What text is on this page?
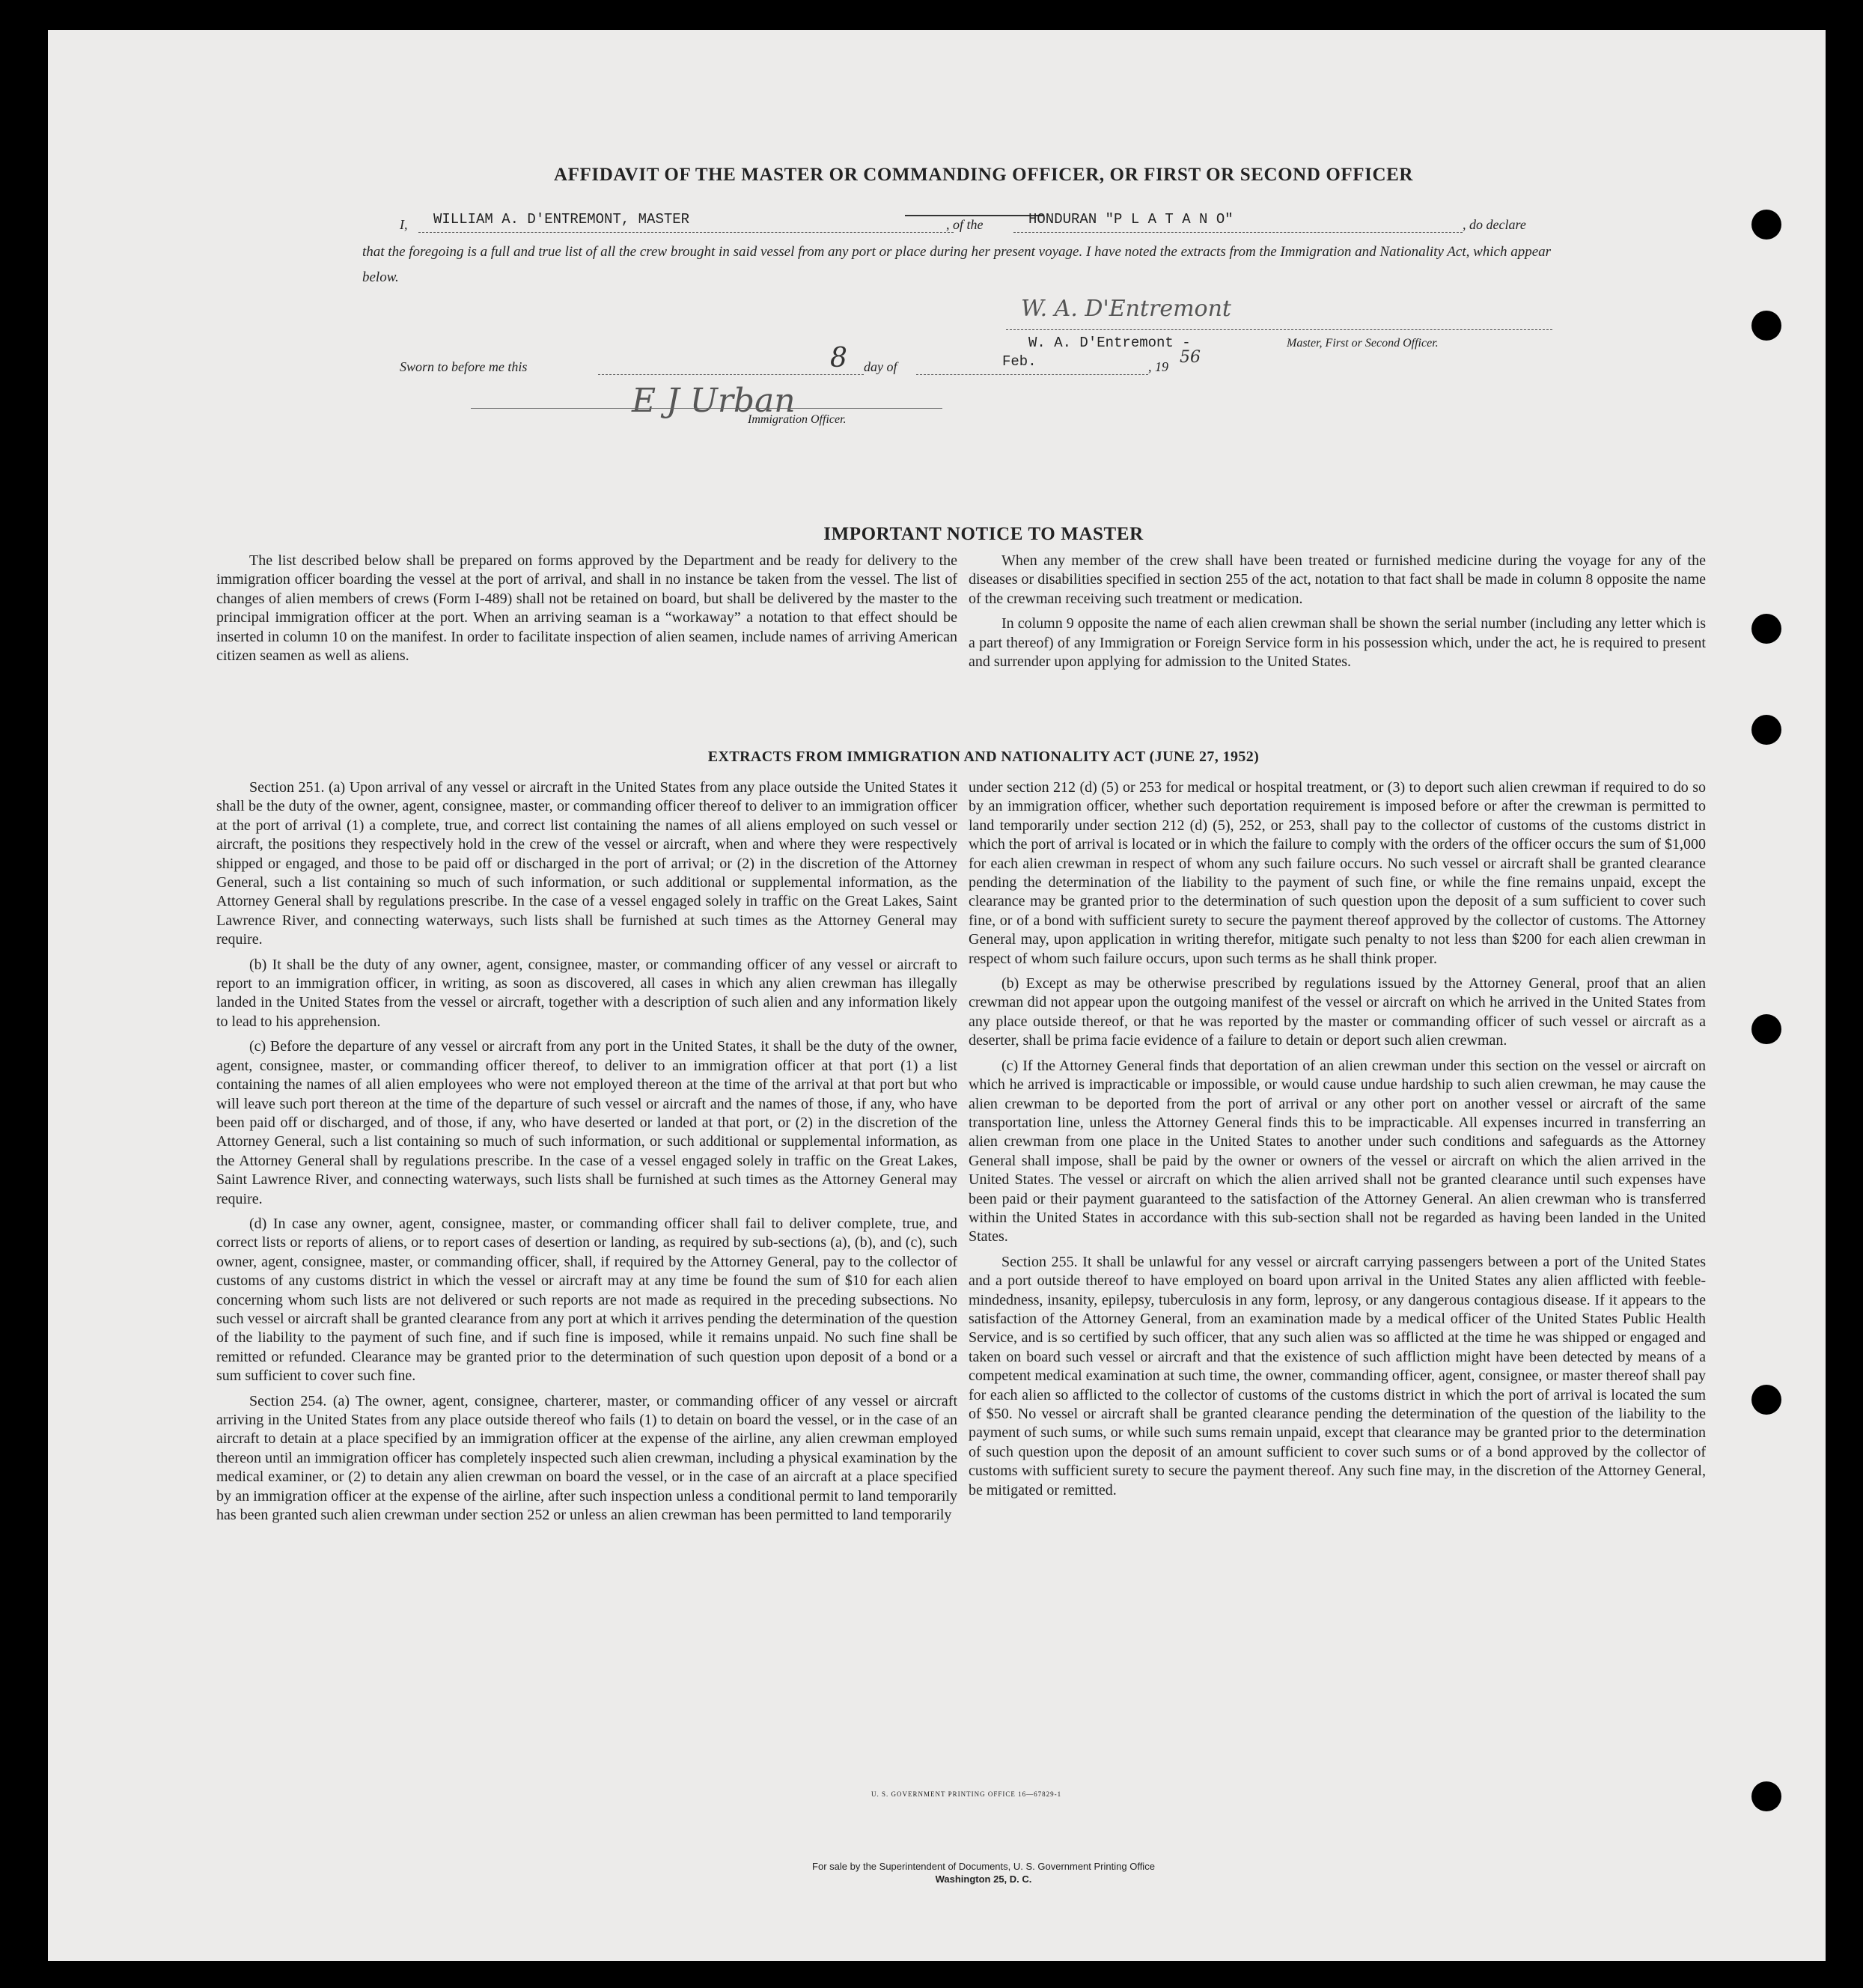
AFFIDAVIT OF THE MASTER OR COMMANDING OFFICER, OR FIRST OR SECOND OFFICER
I, WILLIAM A. D'ENTREMONT, MASTER	, of the	HONDURAN "P L A T A N O"	, do declare
that the foregoing is a full and true list of all the crew brought in said vessel from any port or place during her present voyage. I have noted the extracts from the Immigration and Nationality Act, which appear below.
W. A. D'Entremont
W. A. D'Entremont -	Master, First or Second Officer.
Sworn to before me this	8 day of	Feb.	, 19 56
E J Urban
Immigration Officer.
IMPORTANT NOTICE TO MASTER

The list described below shall be prepared on forms approved by the Department and be ready for delivery to the immigration officer boarding the vessel at the port of arrival, and shall in no instance be taken from the vessel. The list of changes of alien members of crews (Form I-489) shall not be retained on board, but shall be delivered by the master to the principal immigration officer at the port. When an arriving seaman is a “workaway” a notation to that effect should be inserted in column 10 on the manifest. In order to facilitate inspection of alien seamen, include names of arriving American citizen seamen as well as aliens.

When any member of the crew shall have been treated or furnished medicine during the voyage for any of the diseases or disabilities specified in section 255 of the act, notation to that fact shall be made in column 8 opposite the name of the crewman receiving such treatment or medication.

In column 9 opposite the name of each alien crewman shall be shown the serial number (including any letter which is a part thereof) of any Immigration or Foreign Service form in his possession which, under the act, he is required to present and surrender upon applying for admission to the United States.

EXTRACTS FROM IMMIGRATION AND NATIONALITY ACT (JUNE 27, 1952)

Section 251. (a) Upon arrival of any vessel or aircraft in the United States from any place outside the United States it shall be the duty of the owner, agent, consignee, master, or commanding officer thereof to deliver to an immigration officer at the port of arrival (1) a complete, true, and correct list containing the names of all aliens employed on such vessel or aircraft, the positions they respectively hold in the crew of the vessel or aircraft, when and where they were respectively shipped or engaged, and those to be paid off or discharged in the port of arrival; or (2) in the discretion of the Attorney General, such a list containing so much of such information, or such additional or supplemental information, as the Attorney General shall by regulations prescribe. In the case of a vessel engaged solely in traffic on the Great Lakes, Saint Lawrence River, and connecting waterways, such lists shall be furnished at such times as the Attorney General may require.

(b) It shall be the duty of any owner, agent, consignee, master, or commanding officer of any vessel or aircraft to report to an immigration officer, in writing, as soon as discovered, all cases in which any alien crewman has illegally landed in the United States from the vessel or aircraft, together with a description of such alien and any information likely to lead to his apprehension.

(c) Before the departure of any vessel or aircraft from any port in the United States, it shall be the duty of the owner, agent, consignee, master, or commanding officer thereof, to deliver to an immigration officer at that port (1) a list containing the names of all alien employees who were not employed thereon at the time of the arrival at that port but who will leave such port thereon at the time of the departure of such vessel or aircraft and the names of those, if any, who have been paid off or discharged, and of those, if any, who have deserted or landed at that port, or (2) in the discretion of the Attorney General, such a list containing so much of such information, or such additional or supplemental information, as the Attorney General shall by regulations prescribe. In the case of a vessel engaged solely in traffic on the Great Lakes, Saint Lawrence River, and connecting waterways, such lists shall be furnished at such times as the Attorney General may require.

(d) In case any owner, agent, consignee, master, or commanding officer shall fail to deliver complete, true, and correct lists or reports of aliens, or to report cases of desertion or landing, as required by sub-sections (a), (b), and (c), such owner, agent, consignee, master, or commanding officer, shall, if required by the Attorney General, pay to the collector of customs of any customs district in which the vessel or aircraft may at any time be found the sum of $10 for each alien concerning whom such lists are not delivered or such reports are not made as required in the preceding subsections. No such vessel or aircraft shall be granted clearance from any port at which it arrives pending the determination of the question of the liability to the payment of such fine, and if such fine is imposed, while it remains unpaid. No such fine shall be remitted or refunded. Clearance may be granted prior to the determination of such question upon deposit of a bond or a sum sufficient to cover such fine.

Section 254. (a) The owner, agent, consignee, charterer, master, or commanding officer of any vessel or aircraft arriving in the United States from any place outside thereof who fails (1) to detain on board the vessel, or in the case of an aircraft to detain at a place specified by an immigration officer at the expense of the airline, any alien crewman employed thereon until an immigration officer has completely inspected such alien crewman, including a physical examination by the medical examiner, or (2) to detain any alien crewman on board the vessel, or in the case of an aircraft at a place specified by an immigration officer at the expense of the airline, after such inspection unless a conditional permit to land temporarily has been granted such alien crewman under section 252 or unless an alien crewman has been permitted to land temporarily

under section 212 (d) (5) or 253 for medical or hospital treatment, or (3) to deport such alien crewman if required to do so by an immigration officer, whether such deportation requirement is imposed before or after the crewman is permitted to land temporarily under section 212 (d) (5), 252, or 253, shall pay to the collector of customs of the customs district in which the port of arrival is located or in which the failure to comply with the orders of the officer occurs the sum of $1,000 for each alien crewman in respect of whom any such failure occurs. No such vessel or aircraft shall be granted clearance pending the determination of the liability to the payment of such fine, or while the fine remains unpaid, except the clearance may be granted prior to the determination of such question upon the deposit of a sum sufficient to cover such fine, or of a bond with sufficient surety to secure the payment thereof approved by the collector of customs. The Attorney General may, upon application in writing therefor, mitigate such penalty to not less than $200 for each alien crewman in respect of whom such failure occurs, upon such terms as he shall think proper.

(b) Except as may be otherwise prescribed by regulations issued by the Attorney General, proof that an alien crewman did not appear upon the outgoing manifest of the vessel or aircraft on which he arrived in the United States from any place outside thereof, or that he was reported by the master or commanding officer of such vessel or aircraft as a deserter, shall be prima facie evidence of a failure to detain or deport such alien crewman.

(c) If the Attorney General finds that deportation of an alien crewman under this section on the vessel or aircraft on which he arrived is impracticable or impossible, or would cause undue hardship to such alien crewman, he may cause the alien crewman to be deported from the port of arrival or any other port on another vessel or aircraft of the same transportation line, unless the Attorney General finds this to be impracticable. All expenses incurred in transferring an alien crewman from one place in the United States to another under such conditions and safeguards as the Attorney General shall impose, shall be paid by the owner or owners of the vessel or aircraft on which the alien arrived in the United States. The vessel or aircraft on which the alien arrived shall not be granted clearance until such expenses have been paid or their payment guaranteed to the satisfaction of the Attorney General. An alien crewman who is transferred within the United States in accordance with this sub-section shall not be regarded as having been landed in the United States.

Section 255. It shall be unlawful for any vessel or aircraft carrying passengers between a port of the United States and a port outside thereof to have employed on board upon arrival in the United States any alien afflicted with feeble-mindedness, insanity, epilepsy, tuberculosis in any form, leprosy, or any dangerous contagious disease. If it appears to the satisfaction of the Attorney General, from an examination made by a medical officer of the United States Public Health Service, and is so certified by such officer, that any such alien was so afflicted at the time he was shipped or engaged and taken on board such vessel or aircraft and that the existence of such affliction might have been detected by means of a competent medical examination at such time, the owner, commanding officer, agent, consignee, or master thereof shall pay for each alien so afflicted to the collector of customs of the customs district in which the port of arrival is located the sum of $50. No vessel or aircraft shall be granted clearance pending the determination of the question of the liability to the payment of such sums, or while such sums remain unpaid, except that clearance may be granted prior to the determination of such question upon the deposit of an amount sufficient to cover such sums or of a bond approved by the collector of customs with sufficient surety to secure the payment thereof. Any such fine may, in the discretion of the Attorney General, be mitigated or remitted.

U. S. GOVERNMENT PRINTING OFFICE 16—67829-1
For sale by the Superintendent of Documents, U. S. Government Printing Office
Washington 25, D. C.
